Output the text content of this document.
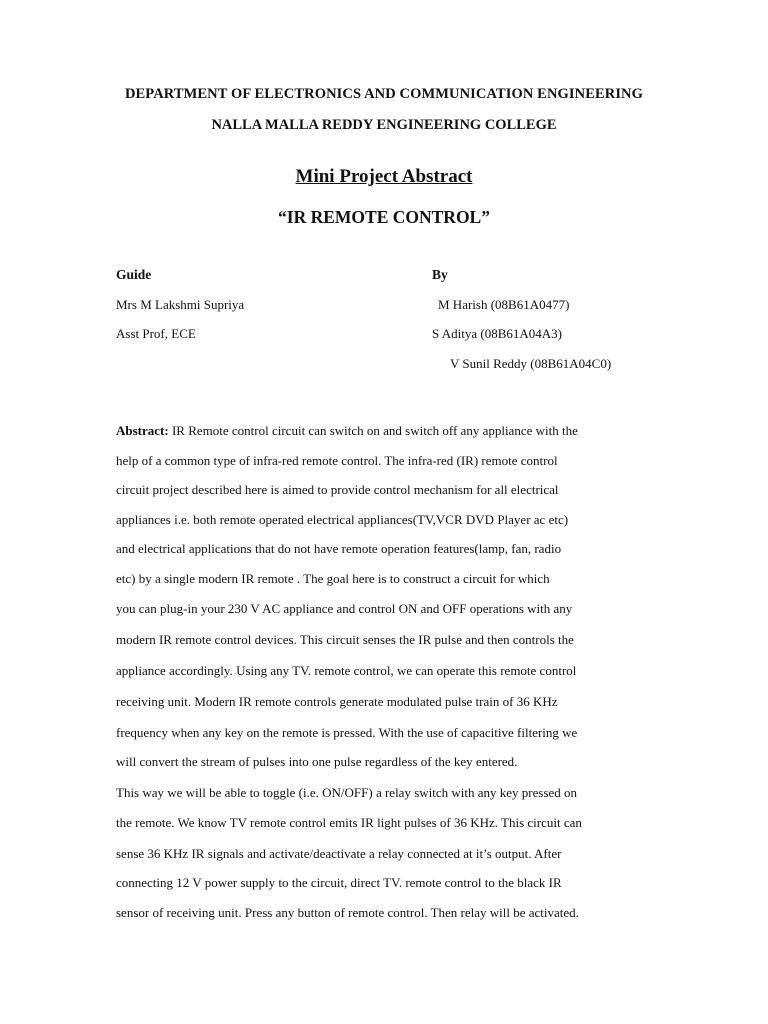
DEPARTMENT OF ELECTRONICS AND COMMUNICATION ENGINEERING
NALLA MALLA REDDY ENGINEERING COLLEGE
Mini Project Abstract
“IR REMOTE CONTROL”
Guide	By
Mrs M Lakshmi Supriya
Asst Prof, ECE
M Harish (08B61A0477)
S Aditya (08B61A04A3)
V Sunil Reddy (08B61A04C0)
Abstract: IR Remote control circuit can switch on and switch off any appliance with the
help of a common type of infra-red remote control. The infra-red (IR) remote control
circuit project described here is aimed to provide control mechanism for all electrical
appliances i.e. both remote operated electrical appliances(TV,VCR DVD Player ac etc)
and electrical applications that do not have remote operation features(lamp, fan, radio
etc) by a single modern IR remote . The goal here is to construct a circuit for which
you can plug-in your 230 V AC appliance and control ON and OFF operations with any
modern IR remote control devices. This circuit senses the IR pulse and then controls the
appliance accordingly. Using any TV. remote control, we can operate this remote control
receiving unit. Modern IR remote controls generate modulated pulse train of 36 KHz
frequency when any key on the remote is pressed. With the use of capacitive filtering we
will convert the stream of pulses into one pulse regardless of the key entered.
This way we will be able to toggle (i.e. ON/OFF) a relay switch with any key pressed on
the remote. We know TV remote control emits IR light pulses of 36 KHz. This circuit can
sense 36 KHz IR signals and activate/deactivate a relay connected at it’s output. After
connecting 12 V power supply to the circuit, direct TV. remote control to the black IR
sensor of receiving unit. Press any button of remote control. Then relay will be activated.
